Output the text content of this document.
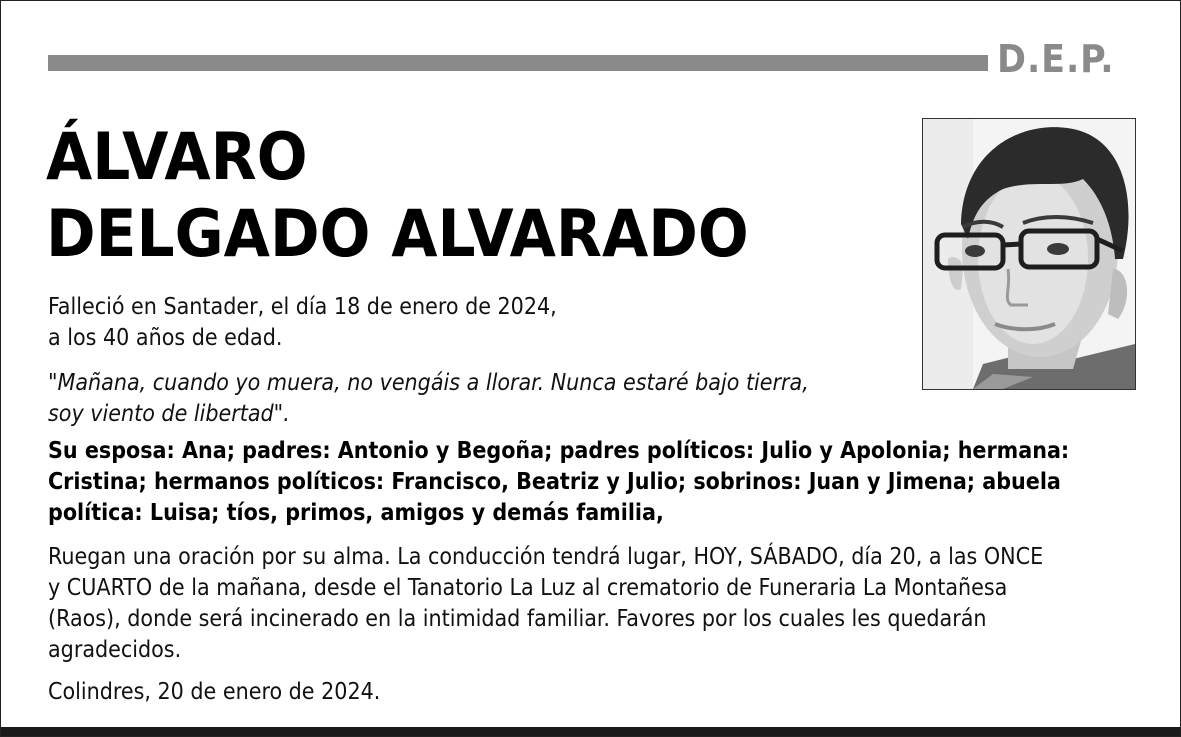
D.E.P.
ÁLVARO
DELGADO ALVARADO
Falleció en Santader, el día 18 de enero de 2024,
a los 40 años de edad.
"Mañana, cuando yo muera, no vengáis a llorar. Nunca estaré bajo tierra,
soy viento de libertad".
Su esposa: Ana; padres: Antonio y Begoña; padres políticos: Julio y Apolonia; hermana:
Cristina; hermanos políticos: Francisco, Beatriz y Julio; sobrinos: Juan y Jimena; abuela
política: Luisa; tíos, primos, amigos y demás familia,
Ruegan una oración por su alma. La conducción tendrá lugar, HOY, SÁBADO, día 20, a las ONCE
y CUARTO de la mañana, desde el Tanatorio La Luz al crematorio de Funeraria La Montañesa
(Raos), donde será incinerado en la intimidad familiar. Favores por los cuales les quedarán
agradecidos.
Colindres, 20 de enero de 2024.
